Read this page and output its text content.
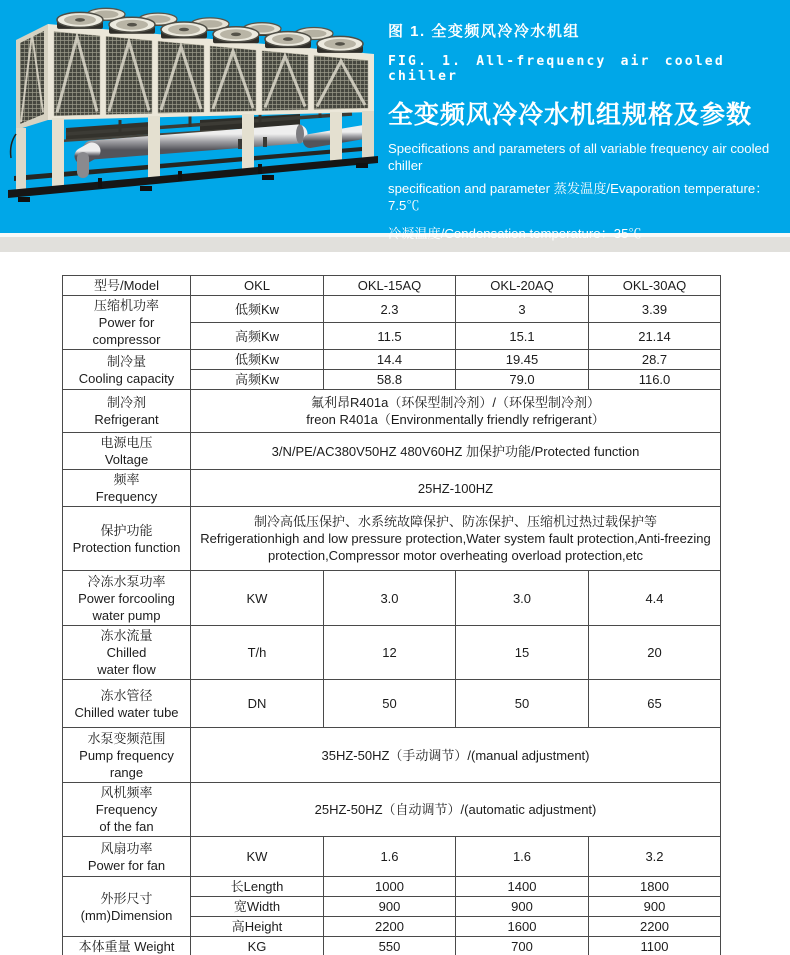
图 1. 全变频风冷冷水机组
FIG. 1. All-frequency air cooled chiller
全变频风冷冷水机组规格及参数

Specifications and parameters of all variable frequency air cooled chiller

specification and parameter 蒸发温度/Evaporation temperature：7.5℃

冷凝温度/Condensation temperature：35℃

型号/Model	OKL	OKL-15AQ	OKL-20AQ	OKL-30AQ
压缩机功率
Power for compressor	低频Kw	2.3	3	3.39
	高频Kw	11.5	15.1	21.14
制冷量
Cooling capacity	低频Kw	14.4	19.45	28.7
	高频Kw	58.8	79.0	116.0
制冷剂
Refrigerant	氟利昂R401a（环保型制冷剂）/（环保型制冷剂）
freon R401a（Environmentally friendly refrigerant）			
电源电压
Voltage	3/N/PE/AC380V50HZ 480V60HZ 加保护功能/Protected function			
频率
Frequency	25HZ-100HZ			
保护功能
Protection function	制冷高低压保护、水系统故障保护、防冻保护、压缩机过热过载保护等
Refrigerationhigh and low pressure protection,Water system fault protection,Anti-freezing
protection,Compressor motor overheating overload protection,etc			
冷冻水泵功率
Power forcooling
water pump	KW	3.0	3.0	4.4
冻水流量
Chilled
water flow	T/h	12	15	20
冻水管径
Chilled water tube	DN	50	50	65
水泵变频范围
Pump frequency
range	35HZ-50HZ（手动调节）/(manual adjustment)			
风机频率
Frequency
of the fan	25HZ-50HZ（自动调节）/(automatic adjustment)			
风扇功率
Power for fan	KW	1.6	1.6	3.2
外形尺寸
(mm)Dimension	长Length	1000	1400	1800
	宽Width	900	900	900
	高Height	2200	1600	2200
本体重量 Weight	KG	550	700	1100
